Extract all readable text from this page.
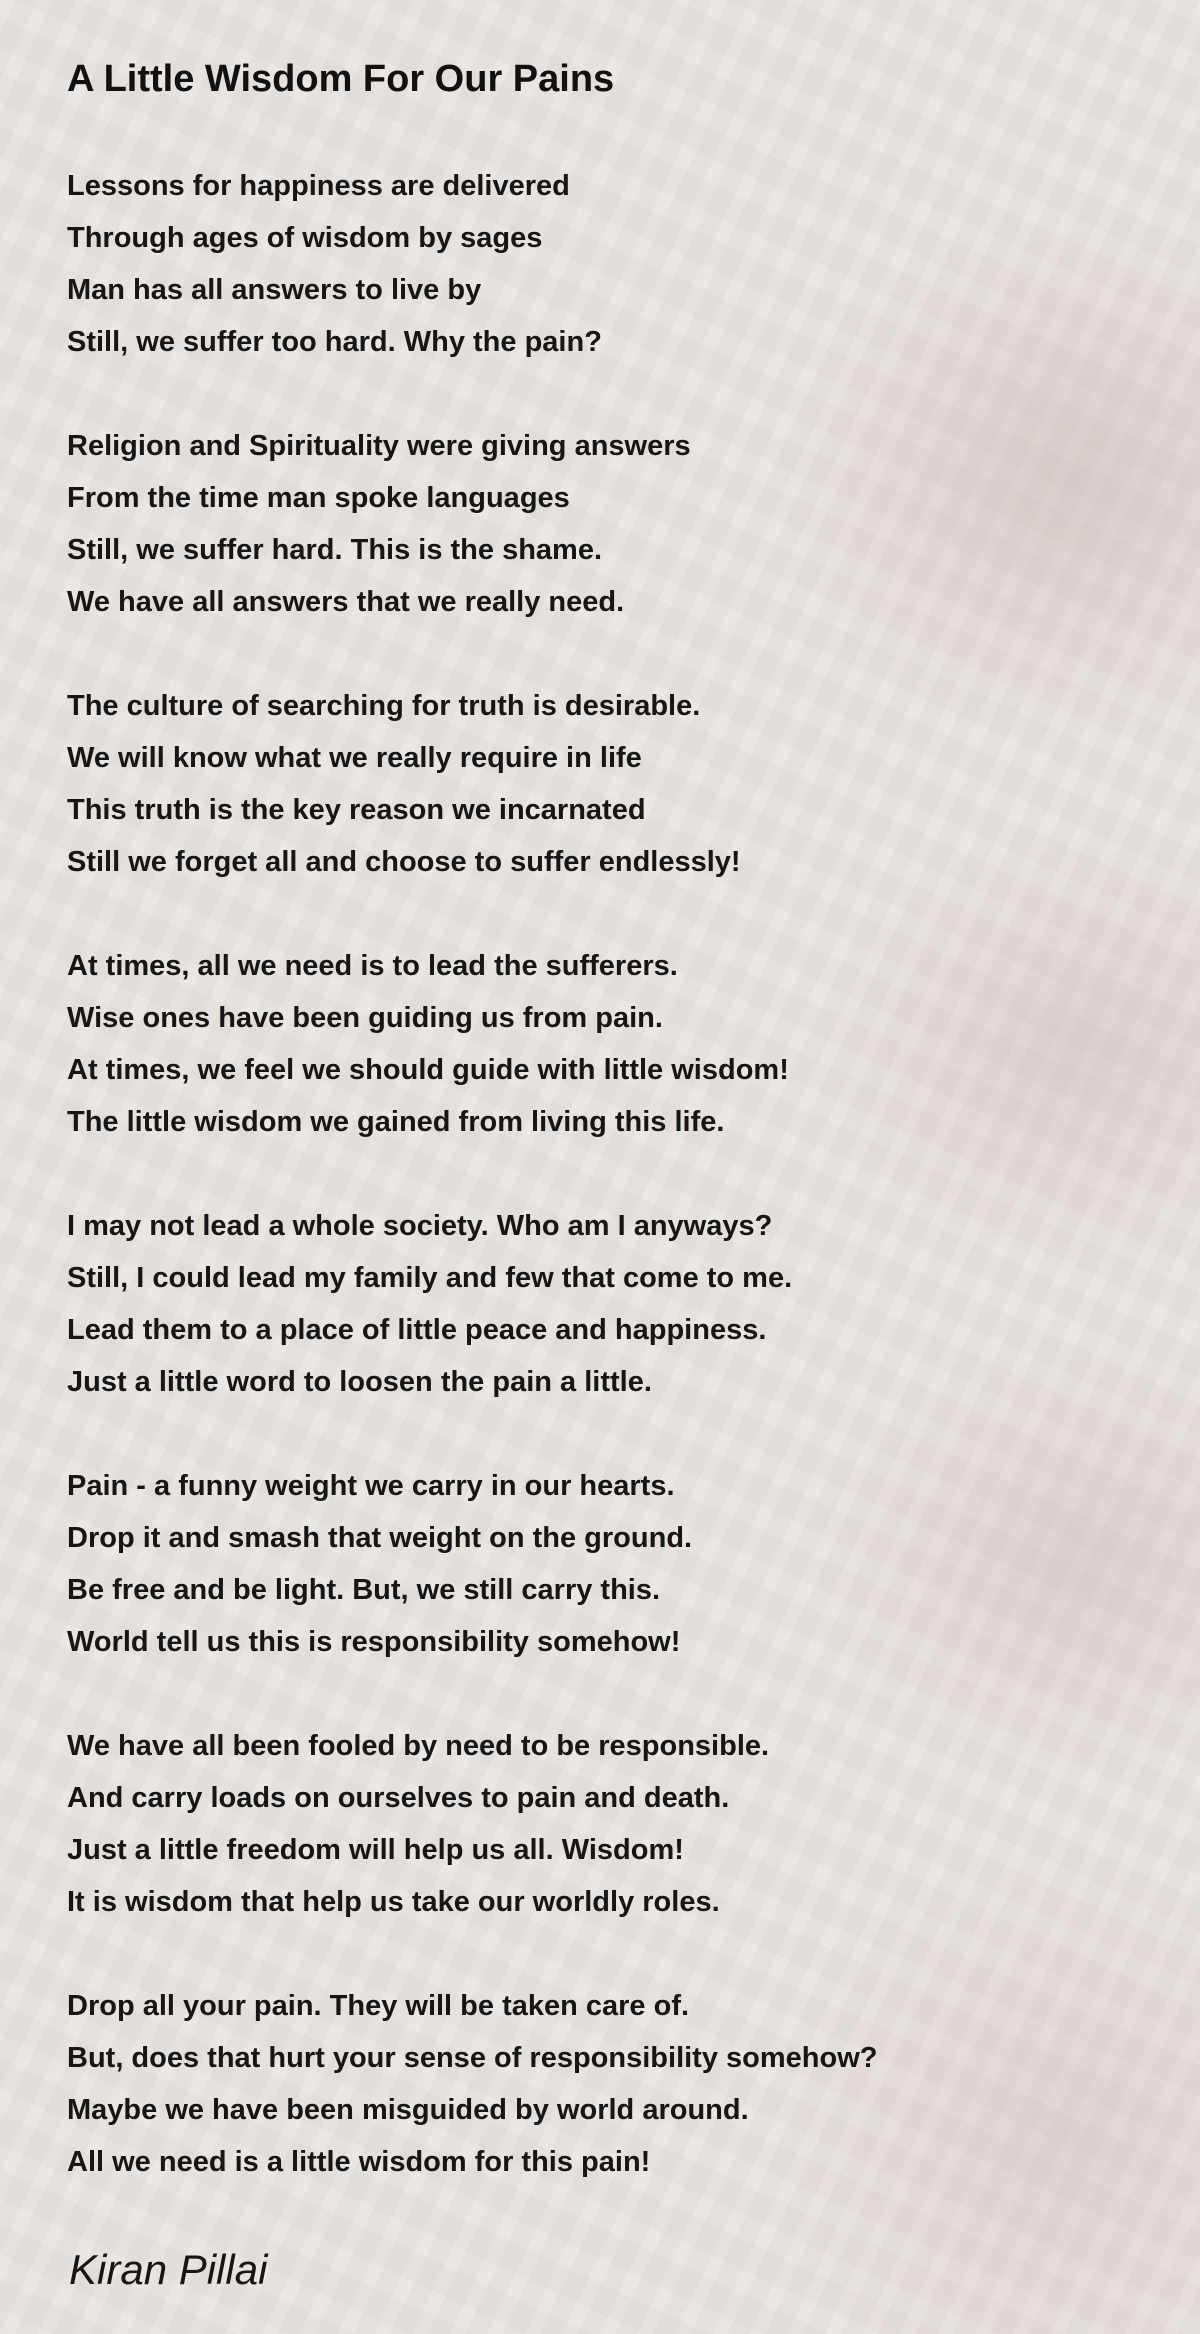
A Little Wisdom For Our Pains
Lessons for happiness are delivered
Through ages of wisdom by sages
Man has all answers to live by
Still, we suffer too hard. Why the pain?
Religion and Spirituality were giving answers
From the time man spoke languages
Still, we suffer hard. This is the shame.
We have all answers that we really need.
The culture of searching for truth is desirable.
We will know what we really require in life
This truth is the key reason we incarnated
Still we forget all and choose to suffer endlessly!
At times, all we need is to lead the sufferers.
Wise ones have been guiding us from pain.
At times, we feel we should guide with little wisdom!
The little wisdom we gained from living this life.
I may not lead a whole society. Who am I anyways?
Still, I could lead my family and few that come to me.
Lead them to a place of little peace and happiness.
Just a little word to loosen the pain a little.
Pain - a funny weight we carry in our hearts.
Drop it and smash that weight on the ground.
Be free and be light. But, we still carry this.
World tell us this is responsibility somehow!
We have all been fooled by need to be responsible.
And carry loads on ourselves to pain and death.
Just a little freedom will help us all. Wisdom!
It is wisdom that help us take our worldly roles.
Drop all your pain. They will be taken care of.
But, does that hurt your sense of responsibility somehow?
Maybe we have been misguided by world around.
All we need is a little wisdom for this pain!
Kiran Pillai
